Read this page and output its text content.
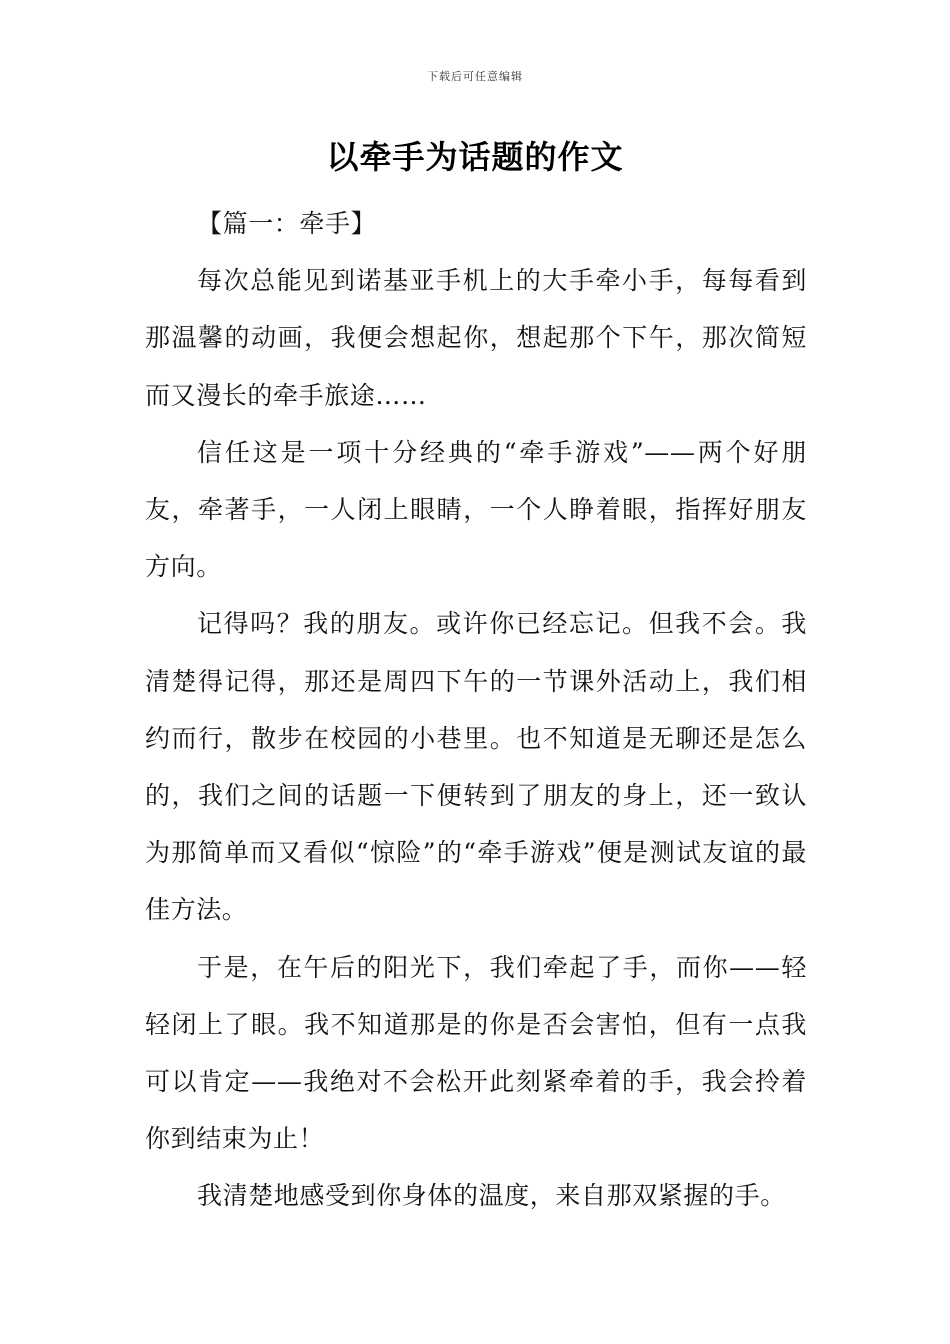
下载后可任意编辑
以牵手为话题的作文

【篇一：牵手】

每次总能见到诺基亚手机上的大手牵小手，每每看到那温馨的动画，我便会想起你，想起那个下午，那次简短而又漫长的牵手旅途……

信任这是一项十分经典的“牵手游戏”——两个好朋友，牵著手，一人闭上眼睛，一个人睁着眼，指挥好朋友方向。

记得吗？我的朋友。或许你已经忘记。但我不会。我清楚得记得，那还是周四下午的一节课外活动上，我们相约而行，散步在校园的小巷里。也不知道是无聊还是怎么的，我们之间的话题一下便转到了朋友的身上，还一致认为那简单而又看似“惊险”的“牵手游戏”便是测试友谊的最佳方法。

于是，在午后的阳光下，我们牵起了手，而你——轻轻闭上了眼。我不知道那是的你是否会害怕，但有一点我可以肯定——我绝对不会松开此刻紧牵着的手，我会拎着你到结束为止！

我清楚地感受到你身体的温度，来自那双紧握的手。
